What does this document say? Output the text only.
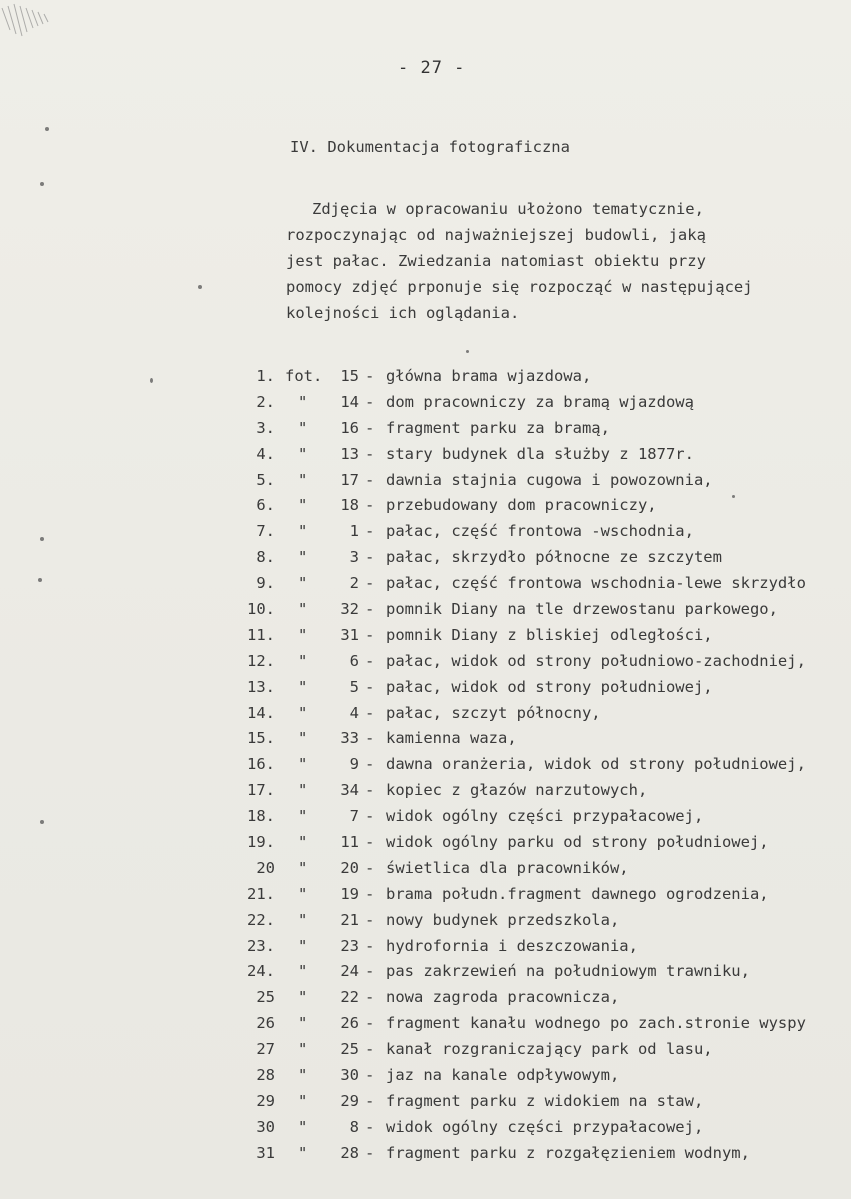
- 27 -
IV. Dokumentacja fotograficzna
Zdjęcia w opracowaniu ułożono tematycznie,
rozpoczynając od najważniejszej budowli, jaką
jest pałac. Zwiedzania natomiast obiektu przy
pomocy zdjęć prponuje się rozpocząć w następującej
kolejności ich oglądania.
1. fot. 15 - główna brama wjazdowa,
2. " 14 - dom pracowniczy za bramą wjazdową
3. " 16 - fragment parku za bramą,
4. " 13 - stary budynek dla służby z 1877r.
5. " 17 - dawnia stajnia cugowa i powozownia,
6. " 18 - przebudowany dom pracowniczy,
7. "	1 - pałac, część frontowa -wschodnia,
8. "	3 - pałac, skrzydło północne ze szczytem
9. "	2 - pałac, część frontowa wschodnia-lewe skrzydło
10. " 32 - pomnik Diany na tle drzewostanu parkowego,
11. " 31 - pomnik Diany z bliskiej odległości,
12. "	6 - pałac, widok od strony południowo-zachodniej,
13. "	5 - pałac, widok od strony południowej,
14. "	4 - pałac, szczyt północny,
15. " 33 - kamienna waza,
16. "	9 - dawna oranżeria, widok od strony południowej,
17. " 34 - kopiec z głazów narzutowych,
18. "	7 - widok ogólny części przypałacowej,
19. " 11 - widok ogólny parku od strony południowej,
20 " 20 - świetlica dla pracowników,
21. " 19 - brama połudn.fragment dawnego ogrodzenia,
22. " 21 - nowy budynek przedszkola,
23. " 23 - hydrofornia i deszczowania,
24. " 24 - pas zakrzewień na południowym trawniku,
25 " 22 - nowa zagroda pracownicza,
26 " 26 - fragment kanału wodnego po zach.stronie wyspy
27 " 25 - kanał rozgraniczający park od lasu,
28 " 30 - jaz na kanale odpływowym,
29 " 29 - fragment parku z widokiem na staw,
30 "	8 - widok ogólny części przypałacowej,
31 " 28 - fragment parku z rozgałęzieniem wodnym,
